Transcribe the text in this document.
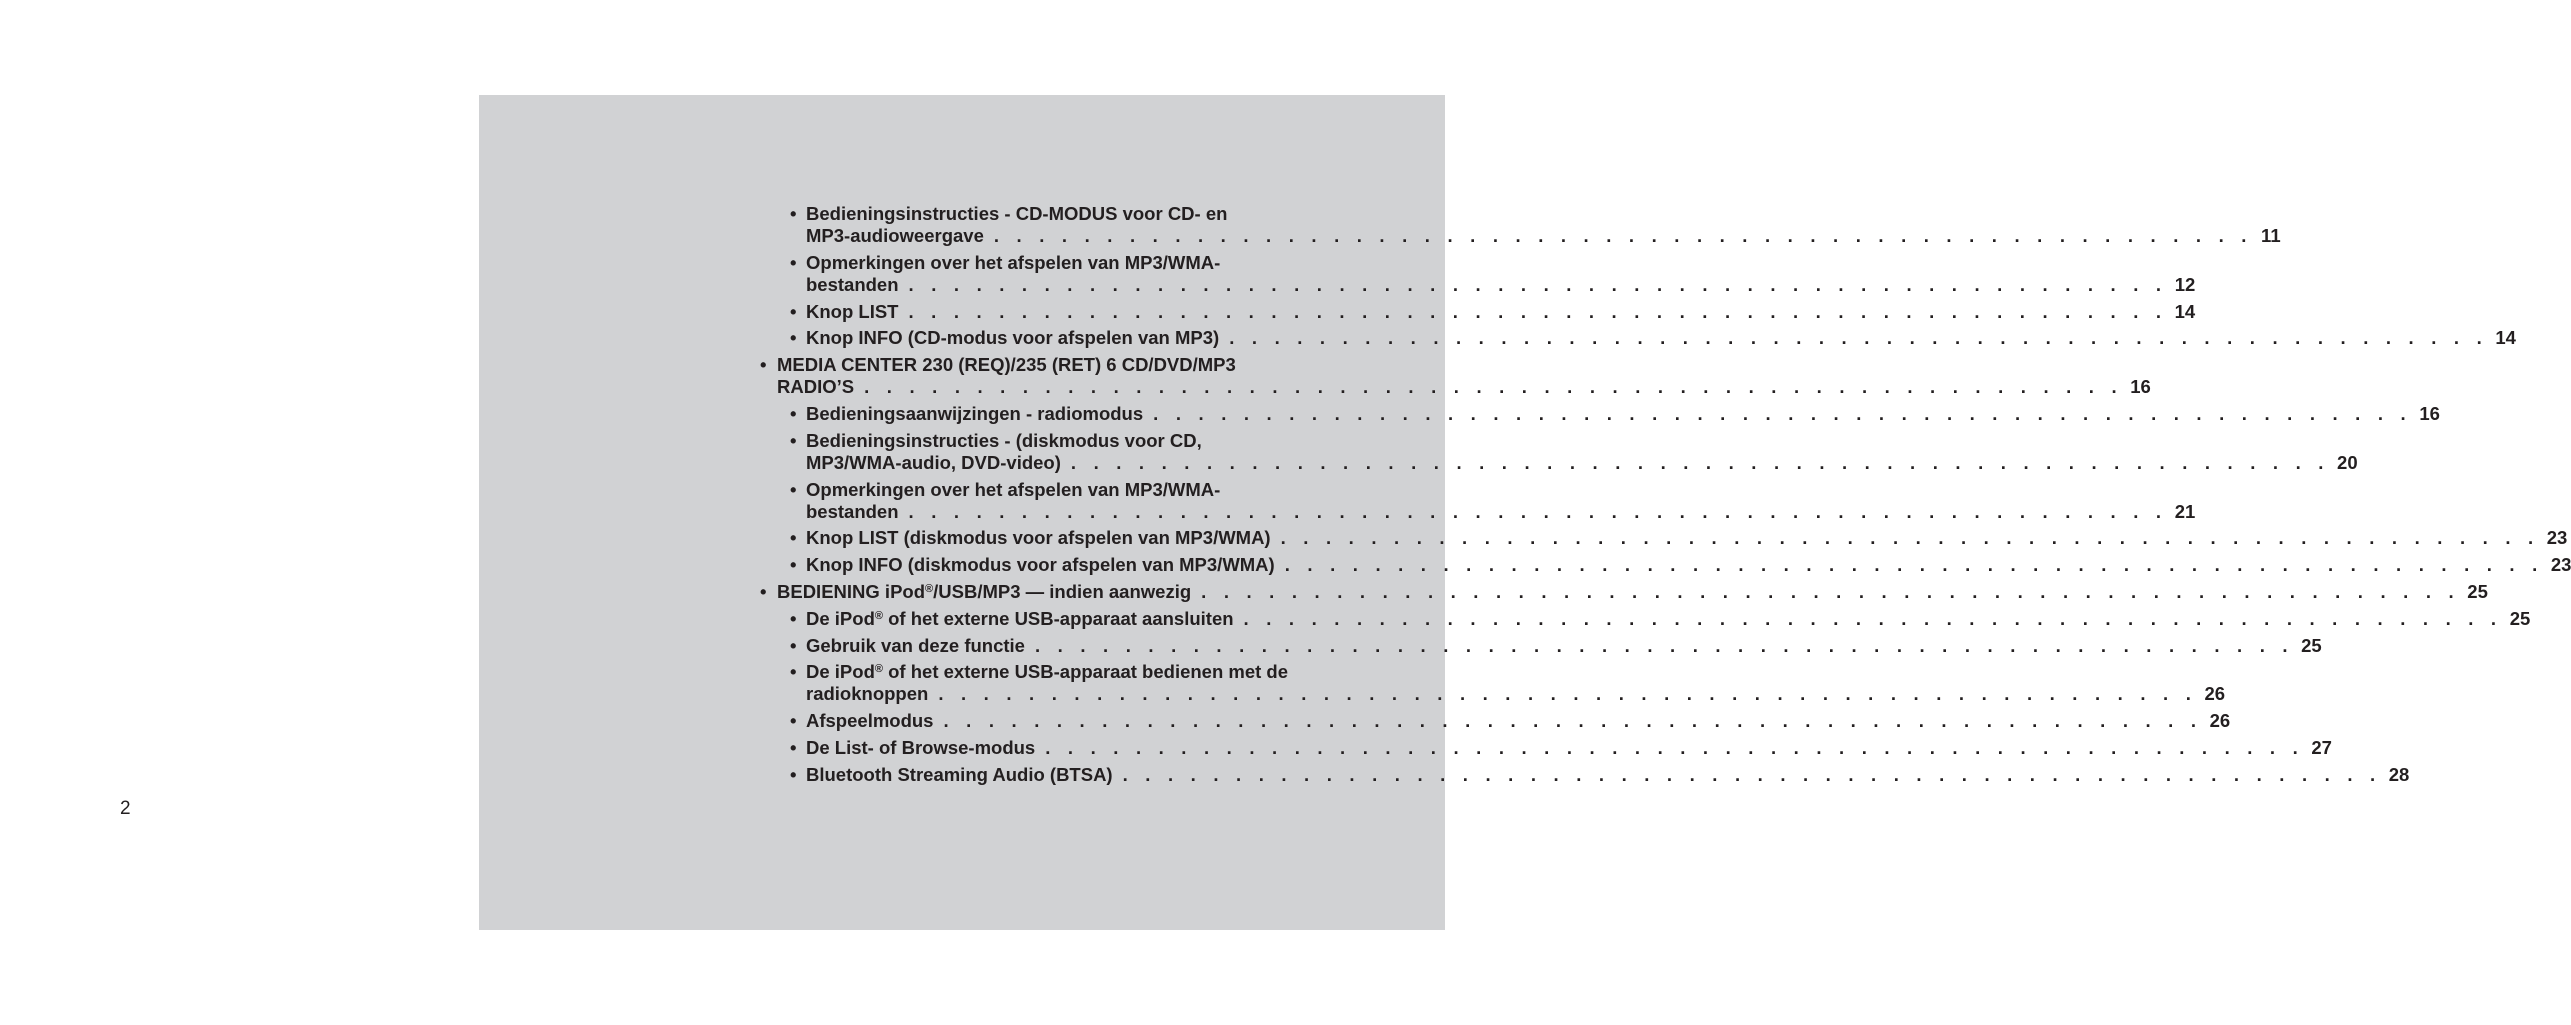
2
• Bedieningsinstructies - CD-MODUS voor CD- en
MP3-audioweergave . . . . . . . . . . . . . . . . . . . . . . . . . . . . . . . . . . . . . . . . . . . . . . . . . . . . . . . . 11
• Opmerkingen over het afspelen van MP3/WMA-
bestanden . . . . . . . . . . . . . . . . . . . . . . . . . . . . . . . . . . . . . . . . . . . . . . . . . . . . . . . . 12
• Knop LIST . . . . . . . . . . . . . . . . . . . . . . . . . . . . . . . . . . . . . . . . . . . . . . . . . . . . . . . . 14
• Knop INFO (CD-modus voor afspelen van MP3) . . . . . . . . . . . . . . . . . . . . . . . . . . . . . . . . . . . . . . . . . . . . . . . . . . . . . . . . 14
• MEDIA CENTER 230 (REQ)/235 (RET) 6 CD/DVD/MP3
RADIO’S . . . . . . . . . . . . . . . . . . . . . . . . . . . . . . . . . . . . . . . . . . . . . . . . . . . . . . . . 16
• Bedieningsaanwijzingen - radiomodus . . . . . . . . . . . . . . . . . . . . . . . . . . . . . . . . . . . . . . . . . . . . . . . . . . . . . . . . 16
• Bedieningsinstructies - (diskmodus voor CD,
MP3/WMA-audio, DVD-video) . . . . . . . . . . . . . . . . . . . . . . . . . . . . . . . . . . . . . . . . . . . . . . . . . . . . . . . . 20
• Opmerkingen over het afspelen van MP3/WMA-
bestanden . . . . . . . . . . . . . . . . . . . . . . . . . . . . . . . . . . . . . . . . . . . . . . . . . . . . . . . . 21
• Knop LIST (diskmodus voor afspelen van MP3/WMA) . . . . . . . . . . . . . . . . . . . . . . . . . . . . . . . . . . . . . . . . . . . . . . . . . . . . . . . . 23
• Knop INFO (diskmodus voor afspelen van MP3/WMA) . . . . . . . . . . . . . . . . . . . . . . . . . . . . . . . . . . . . . . . . . . . . . . . . . . . . . . . . 23
• BEDIENING iPod®/USB/MP3 — indien aanwezig . . . . . . . . . . . . . . . . . . . . . . . . . . . . . . . . . . . . . . . . . . . . . . . . . . . . . . . . 25
• De iPod® of het externe USB-apparaat aansluiten . . . . . . . . . . . . . . . . . . . . . . . . . . . . . . . . . . . . . . . . . . . . . . . . . . . . . . . . 25
• Gebruik van deze functie . . . . . . . . . . . . . . . . . . . . . . . . . . . . . . . . . . . . . . . . . . . . . . . . . . . . . . . . 25
• De iPod® of het externe USB-apparaat bedienen met de
radioknoppen . . . . . . . . . . . . . . . . . . . . . . . . . . . . . . . . . . . . . . . . . . . . . . . . . . . . . . . . 26
• Afspeelmodus . . . . . . . . . . . . . . . . . . . . . . . . . . . . . . . . . . . . . . . . . . . . . . . . . . . . . . . . 26
• De List- of Browse-modus . . . . . . . . . . . . . . . . . . . . . . . . . . . . . . . . . . . . . . . . . . . . . . . . . . . . . . . . 27
• Bluetooth Streaming Audio (BTSA) . . . . . . . . . . . . . . . . . . . . . . . . . . . . . . . . . . . . . . . . . . . . . . . . . . . . . . . . 28
